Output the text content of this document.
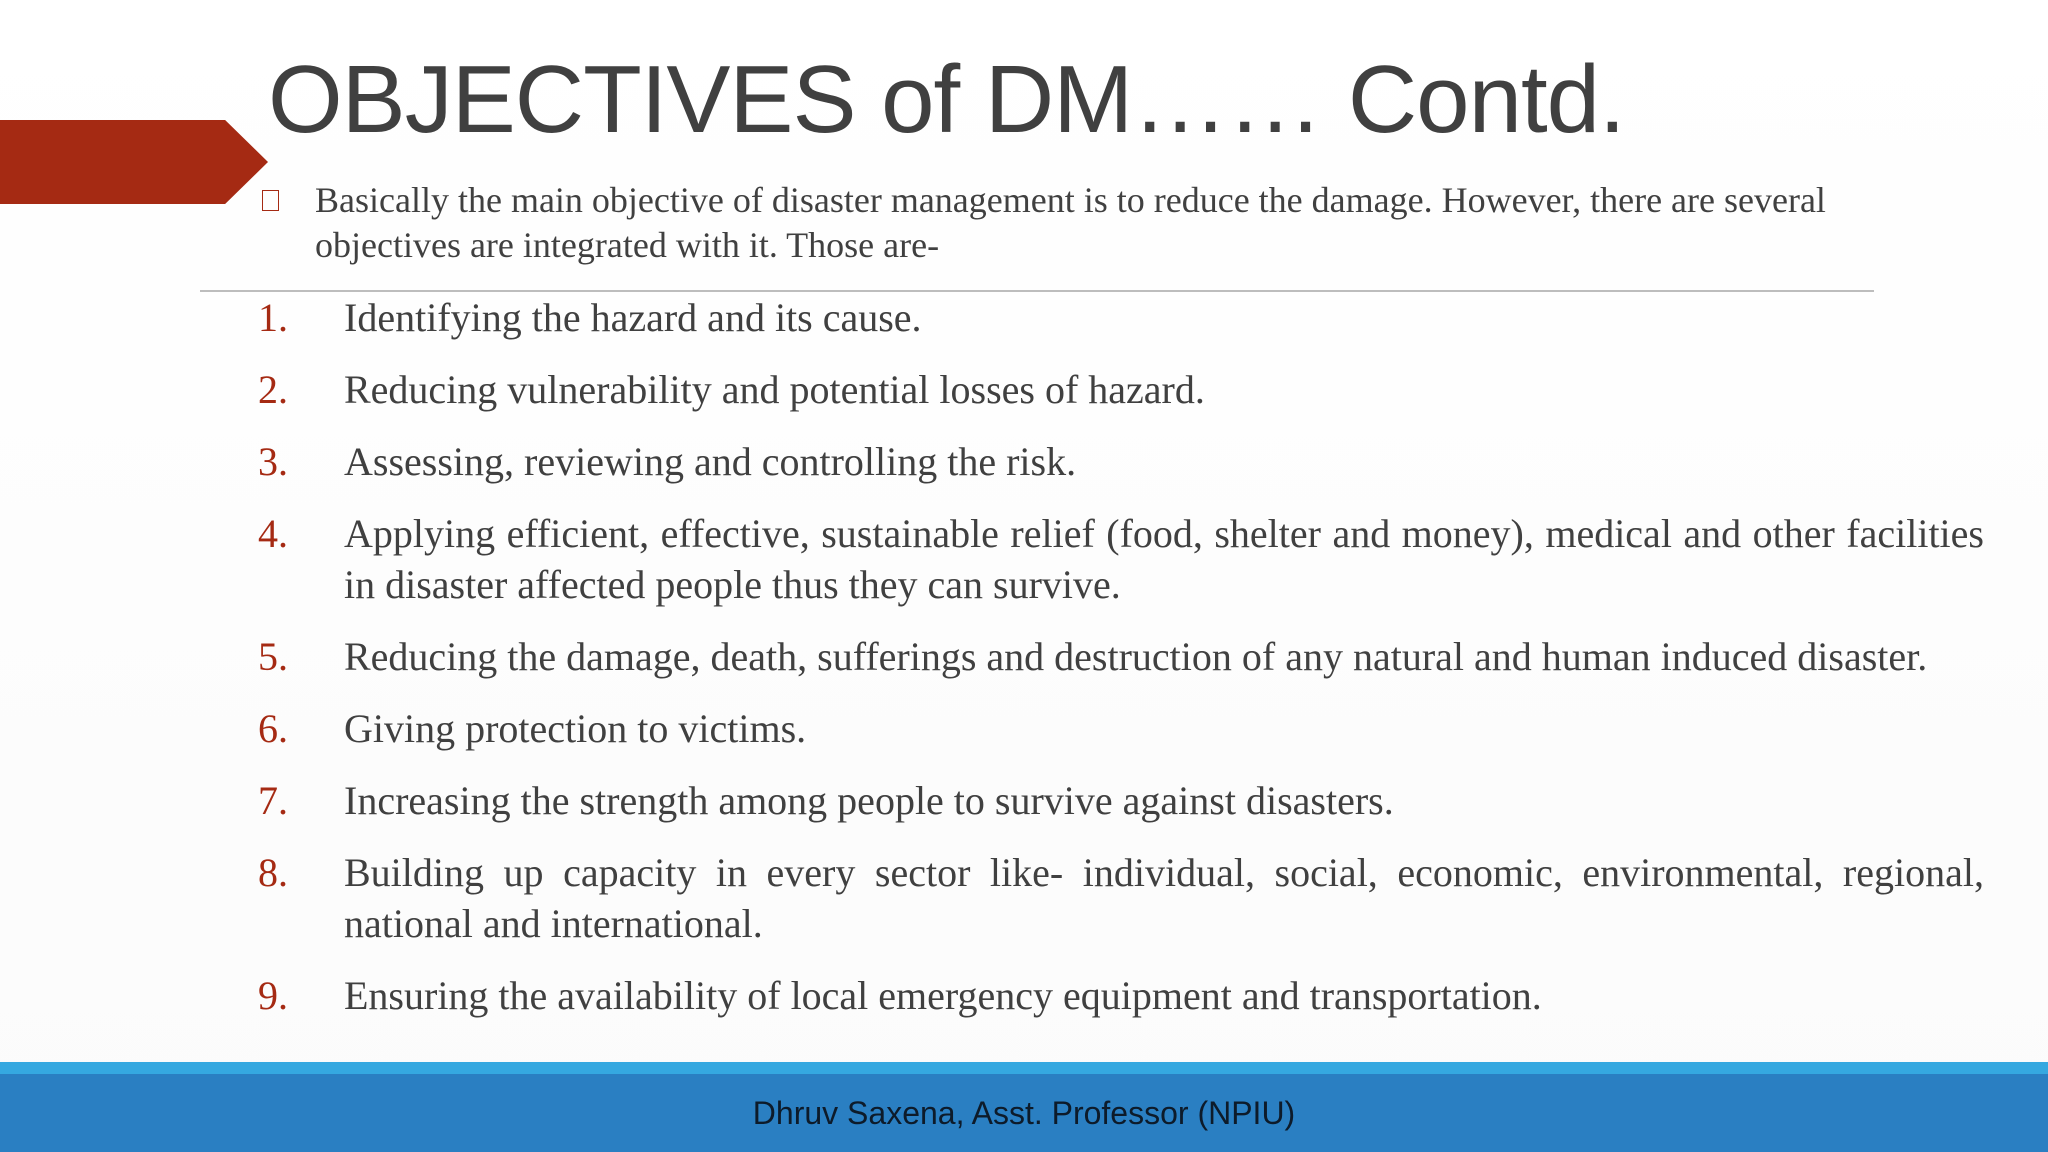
OBJECTIVES of DM…… Contd.
Basically the main objective of disaster management is to reduce the damage. However, there are several objectives are integrated with it. Those are-
1.	Identifying the hazard and its cause.
2.	Reducing vulnerability and potential losses of hazard.
3.	Assessing, reviewing and controlling the risk.
4.	Applying efficient, effective, sustainable relief (food, shelter and money), medical and other facilities in disaster affected people thus they can survive.
5.	Reducing the damage, death, sufferings and destruction of any natural and human induced disaster.
6.	Giving protection to victims.
7.	Increasing the strength among people to survive against disasters.
8.	Building up capacity in every sector like- individual, social, economic, environmental, regional, national and international.
9.	Ensuring the availability of local emergency equipment and transportation.
Dhruv Saxena, Asst. Professor (NPIU)
